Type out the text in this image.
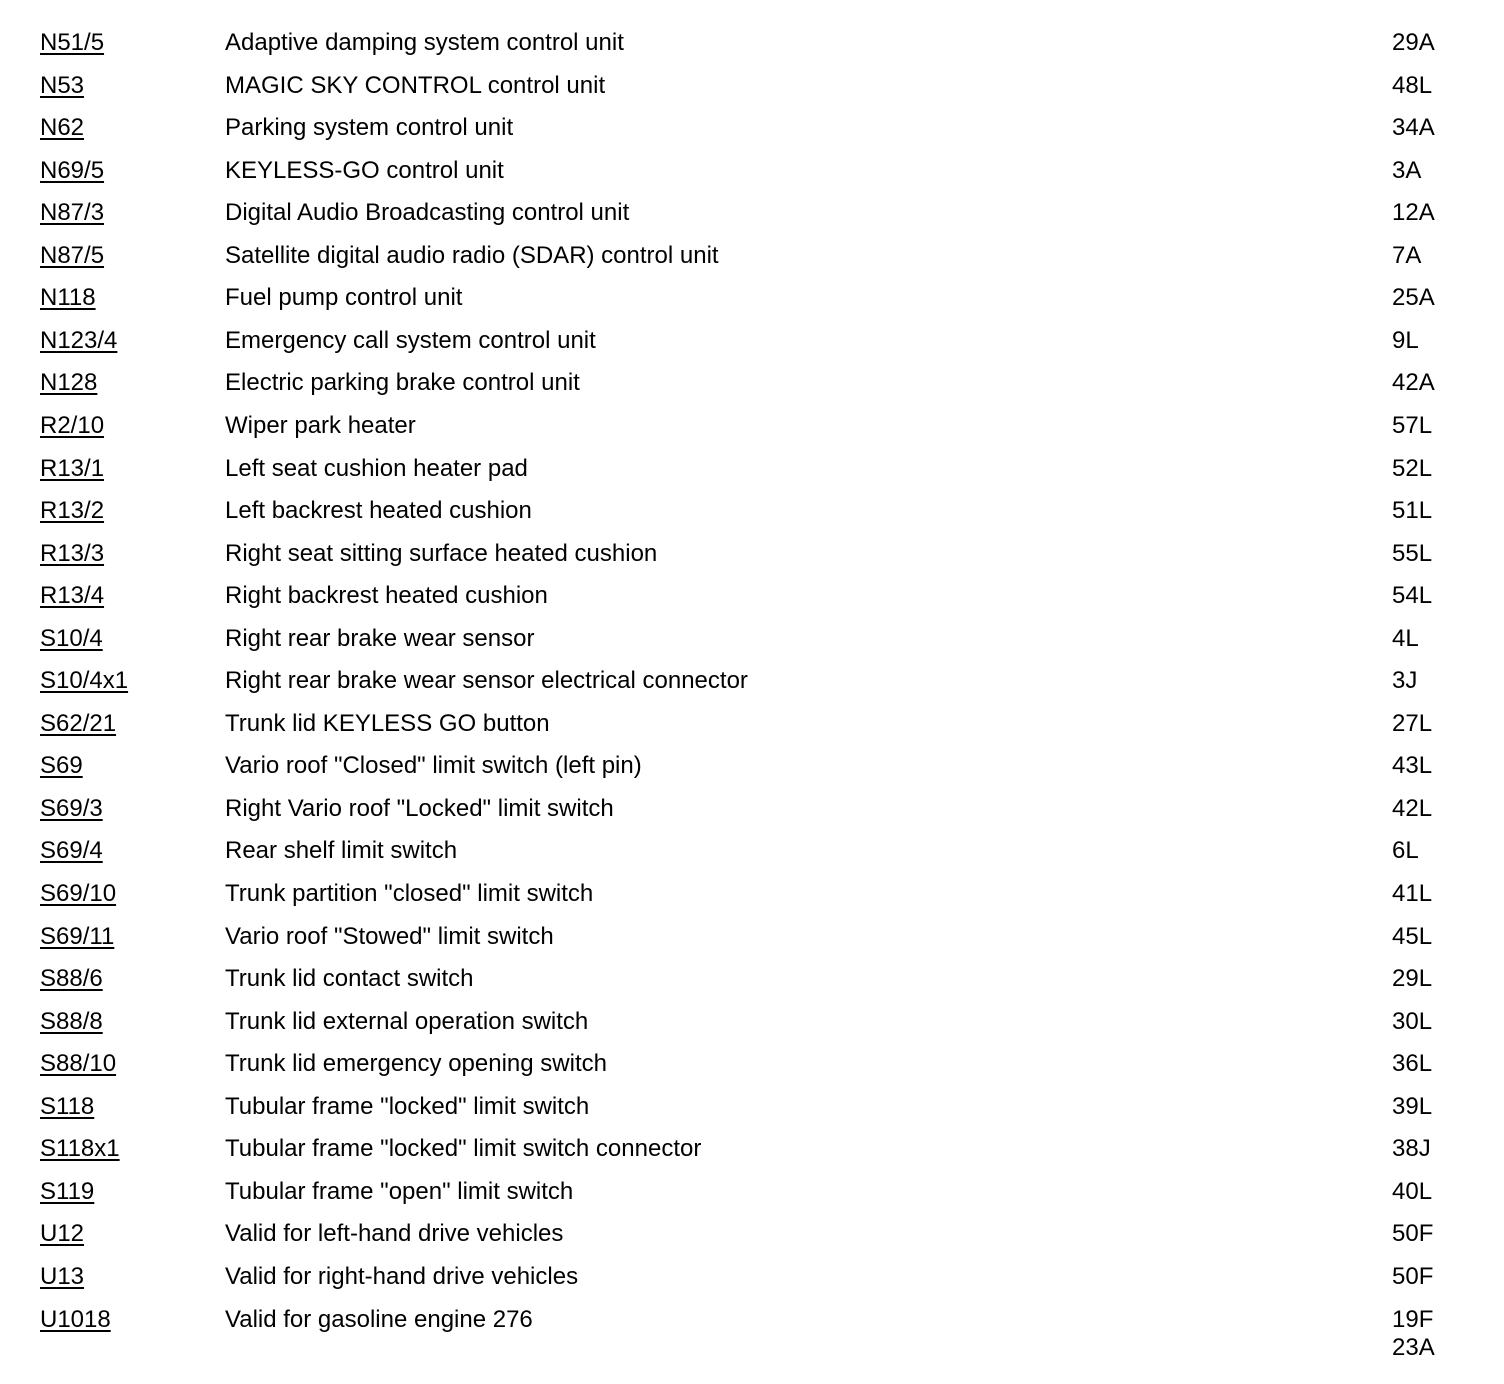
N51/5	Adaptive damping system control unit	29A
N53	MAGIC SKY CONTROL control unit	48L
N62	Parking system control unit	34A
N69/5	KEYLESS-GO control unit	3A
N87/3	Digital Audio Broadcasting control unit	12A
N87/5	Satellite digital audio radio (SDAR) control unit	7A
N118	Fuel pump control unit	25A
N123/4	Emergency call system control unit	9L
N128	Electric parking brake control unit	42A
R2/10	Wiper park heater	57L
R13/1	Left seat cushion heater pad	52L
R13/2	Left backrest heated cushion	51L
R13/3	Right seat sitting surface heated cushion	55L
R13/4	Right backrest heated cushion	54L
S10/4	Right rear brake wear sensor	4L
S10/4x1	Right rear brake wear sensor electrical connector	3J
S62/21	Trunk lid KEYLESS GO button	27L
S69	Vario roof "Closed" limit switch (left pin)	43L
S69/3	Right Vario roof "Locked" limit switch	42L
S69/4	Rear shelf limit switch	6L
S69/10	Trunk partition "closed" limit switch	41L
S69/11	Vario roof "Stowed" limit switch	45L
S88/6	Trunk lid contact switch	29L
S88/8	Trunk lid external operation switch	30L
S88/10	Trunk lid emergency opening switch	36L
S118	Tubular frame "locked" limit switch	39L
S118x1	Tubular frame "locked" limit switch connector	38J
S119	Tubular frame "open" limit switch	40L
U12	Valid for left-hand drive vehicles	50F
U13	Valid for right-hand drive vehicles	50F
U1018	Valid for gasoline engine 276	19F
23A
